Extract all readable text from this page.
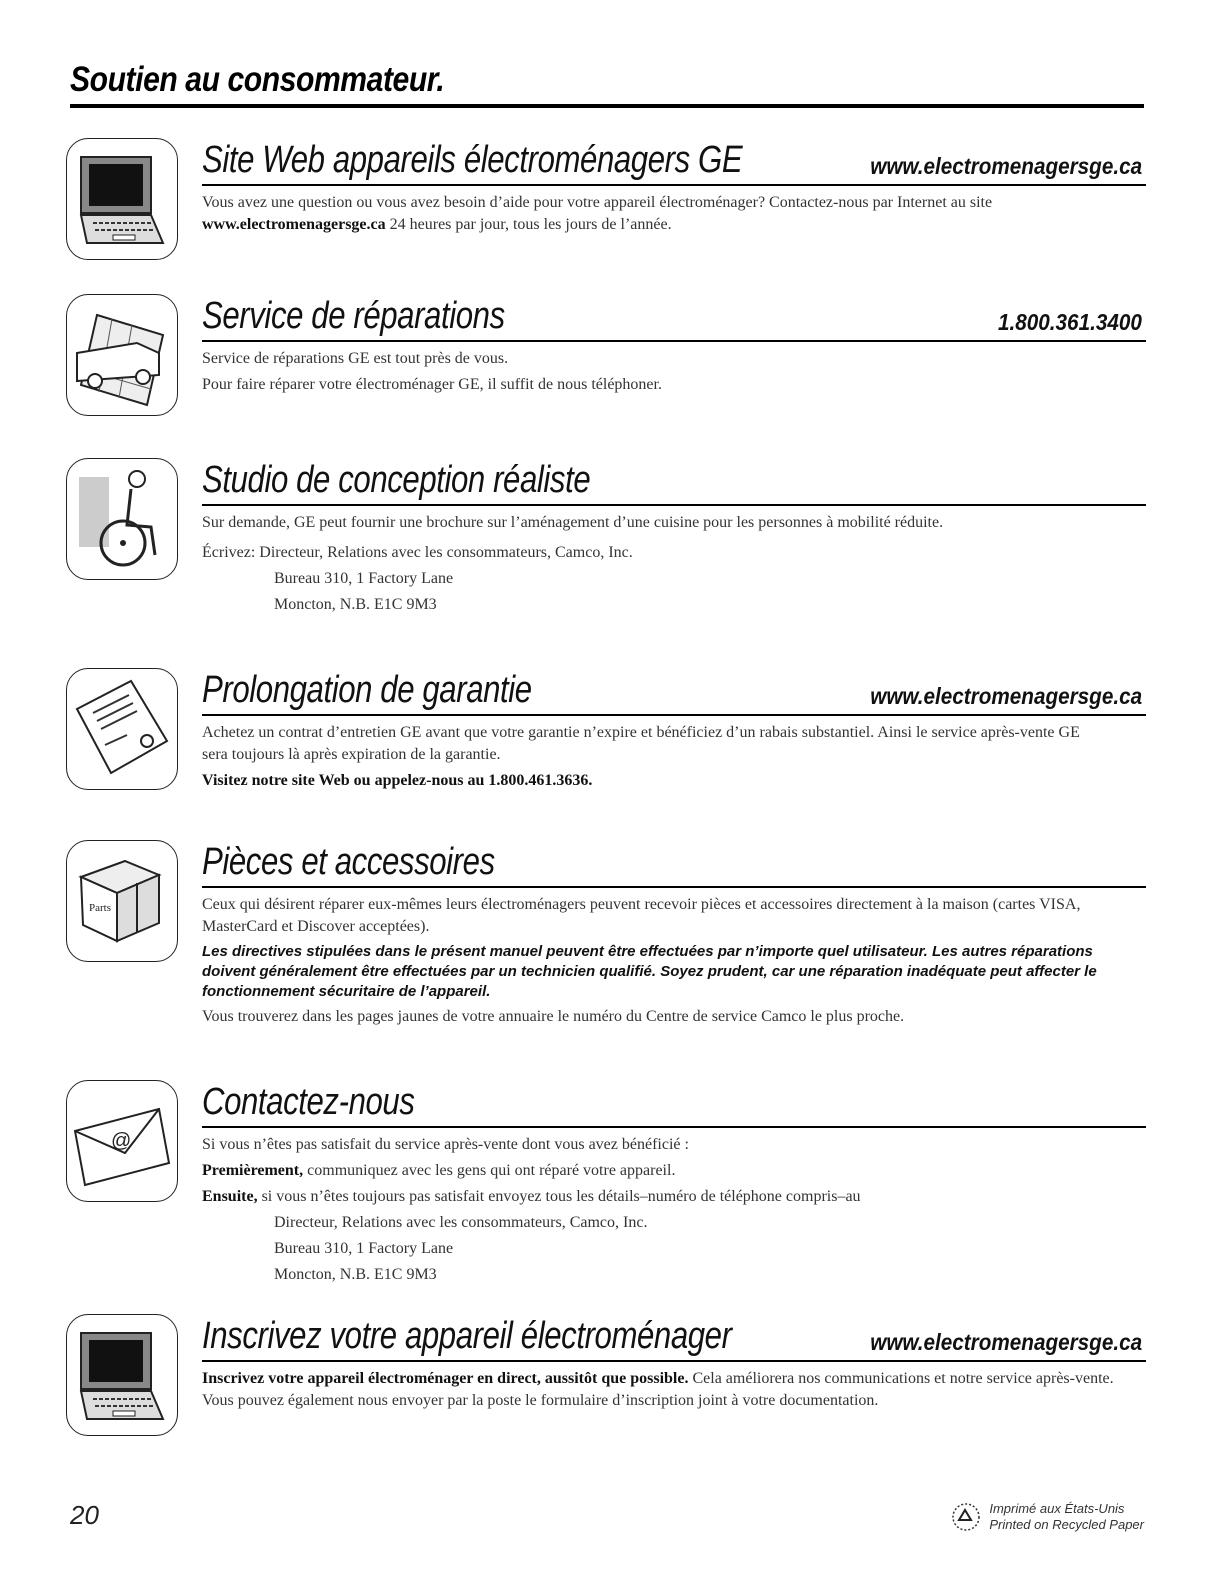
Soutien au consommateur.
Site Web appareils électroménagers GE	www.electromenagersge.ca

Vous avez une question ou vous avez besoin d’aide pour votre appareil électroménager? Contactez-nous par Internet au site www.electromenagersge.ca 24 heures par jour, tous les jours de l’année.

Service de réparations	1.800.361.3400

Service de réparations GE est tout près de vous.

Pour faire réparer votre électroménager GE, il suffit de nous téléphoner.

Studio de conception réaliste

Sur demande, GE peut fournir une brochure sur l’aménagement d’une cuisine pour les personnes à mobilité réduite.

Écrivez: Directeur, Relations avec les consommateurs, Camco, Inc.

Bureau 310, 1 Factory Lane

Moncton, N.B. E1C 9M3

Prolongation de garantie	www.electromenagersge.ca

Achetez un contrat d’entretien GE avant que votre garantie n’expire et bénéficiez d’un rabais substantiel. Ainsi le service après-vente GE sera toujours là après expiration de la garantie.

Visitez notre site Web ou appelez-nous au 1.800.461.3636.

Parts
Pièces et accessoires

Ceux qui désirent réparer eux-mêmes leurs électroménagers peuvent recevoir pièces et accessoires directement à la maison (cartes VISA, MasterCard et Discover acceptées).

Les directives stipulées dans le présent manuel peuvent être effectuées par n’importe quel utilisateur. Les autres réparations doivent généralement être effectuées par un technicien qualifié. Soyez prudent, car une réparation inadéquate peut affecter le fonctionnement sécuritaire de l’appareil.

Vous trouverez dans les pages jaunes de votre annuaire le numéro du Centre de service Camco le plus proche.

@
Contactez-nous

Si vous n’êtes pas satisfait du service après-vente dont vous avez bénéficié :

Premièrement, communiquez avec les gens qui ont réparé votre appareil.

Ensuite, si vous n’êtes toujours pas satisfait envoyez tous les détails–numéro de téléphone compris–au

Directeur, Relations avec les consommateurs, Camco, Inc.

Bureau 310, 1 Factory Lane

Moncton, N.B. E1C 9M3

Inscrivez votre appareil électroménager	www.electromenagersge.ca

Inscrivez votre appareil électroménager en direct, aussitôt que possible. Cela améliorera nos communications et notre service après-vente. Vous pouvez également nous envoyer par la poste le formulaire d’inscription joint à votre documentation.

20	Imprimé aux États-Unis
Printed on Recycled Paper
